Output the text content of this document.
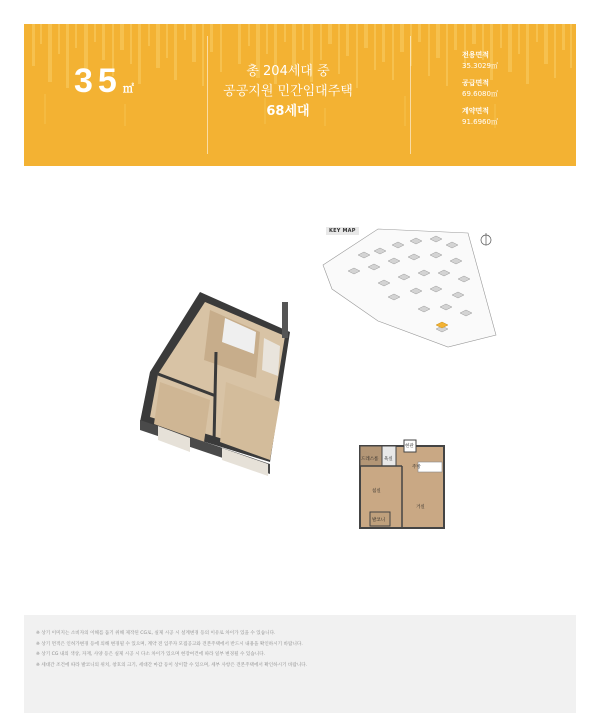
35㎡
총 204세대 중
공공지원 민간임대주택
68세대
전용면적
35.3029㎡
공급면적
69.6080㎡
계약면적
91.6960㎡
KEY MAP
드레스룸 욕실
현관
주방
침실
거실
발코니
※ 상기 이미지는 소비자의 이해를 돕기 위해 제작된 CG로, 실제 시공 시 설계변경 등의 이유로 차이가 있을 수 있습니다.
※ 상기 면적은 인허가변경 등에 의해 변경될 수 있으며, 계약 전 입주자 모집공고와 견본주택에서 반드시 내용을 확인하시기 바랍니다.
※ 상기 CG 내의 색상, 자재, 사양 등은 실제 시공 시 다소 차이가 있으며 현장여건에 따라 일부 변경될 수 있습니다.
※ 세대간 조건에 따라 발코니의 위치, 창호의 크기, 세대간 마감 등이 상이할 수 있으며, 세부 사항은 견본주택에서 확인하시기 바랍니다.
